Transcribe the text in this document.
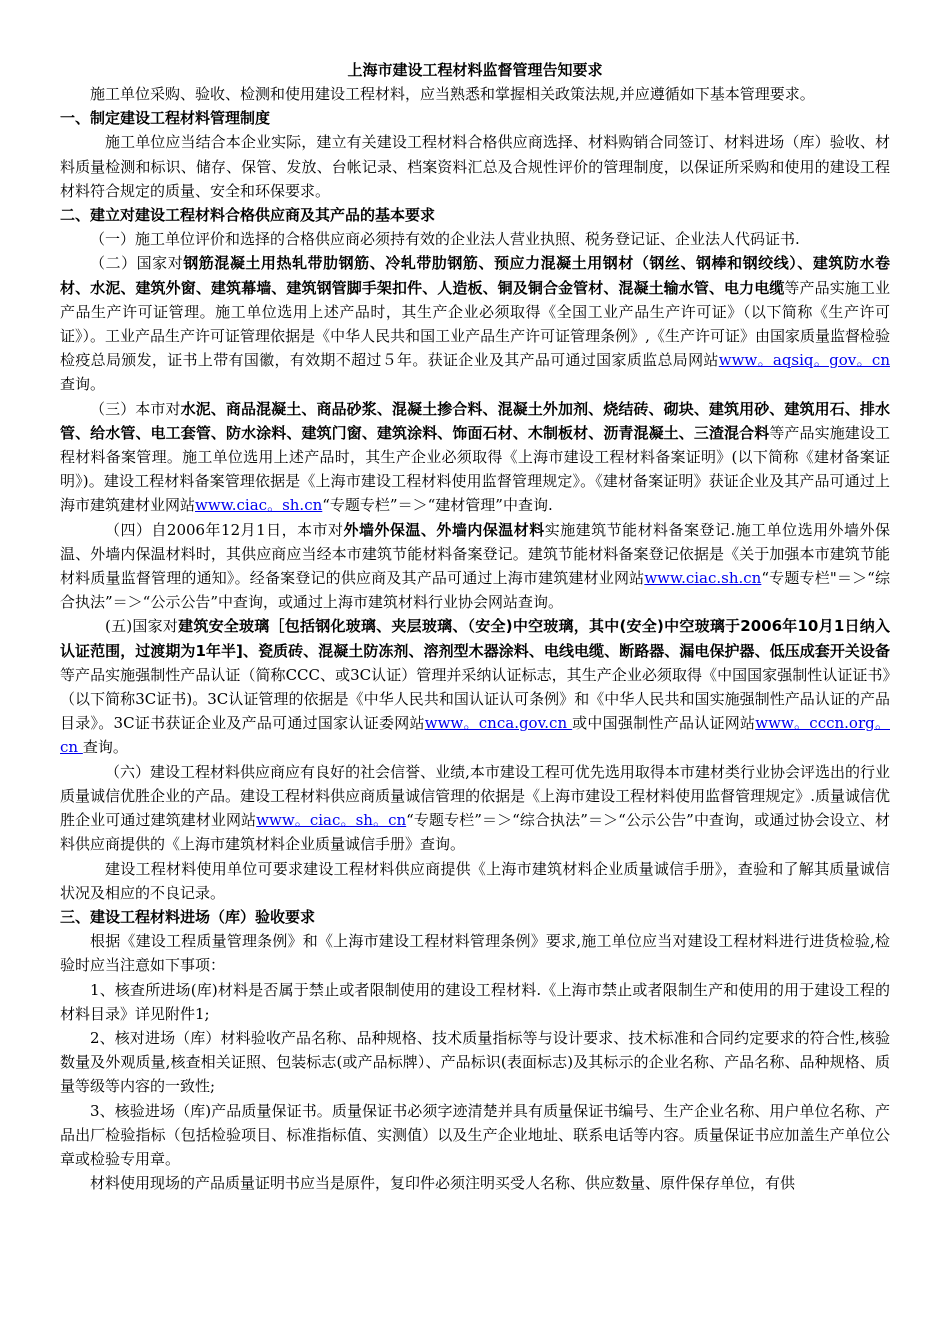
上海市建设工程材料监督管理告知要求

施工单位采购、验收、检测和使用建设工程材料，应当熟悉和掌握相关政策法规,并应遵循如下基本管理要求。

一、制定建设工程材料管理制度

施工单位应当结合本企业实际，建立有关建设工程材料合格供应商选择、材料购销合同签订、材料进场（库）验收、材料质量检测和标识、储存、保管、发放、台帐记录、档案资料汇总及合规性评价的管理制度，以保证所采购和使用的建设工程材料符合规定的质量、安全和环保要求。

二、建立对建设工程材料合格供应商及其产品的基本要求

（一）施工单位评价和选择的合格供应商必须持有效的企业法人营业执照、税务登记证、企业法人代码证书.

（二）国家对钢筋混凝土用热轧带肋钢筋、冷轧带肋钢筋、预应力混凝土用钢材（钢丝、钢棒和钢绞线）、建筑防水卷材、水泥、建筑外窗、建筑幕墙、建筑钢管脚手架扣件、人造板、铜及铜合金管材、混凝土输水管、电力电缆等产品实施工业产品生产许可证管理。施工单位选用上述产品时，其生产企业必须取得《全国工业产品生产许可证》（以下简称《生产许可证》）。工业产品生产许可证管理依据是《中华人民共和国工业产品生产许可证管理条例》,《生产许可证》由国家质量监督检验检疫总局颁发，证书上带有国徽，有效期不超过５年。获证企业及其产品可通过国家质监总局网站www。aqsiq。gov。cn 查询。

（三）本市对水泥、商品混凝土、商品砂浆、混凝土掺合料、混凝土外加剂、烧结砖、砌块、建筑用砂、建筑用石、排水管、给水管、电工套管、防水涂料、建筑门窗、建筑涂料、饰面石材、木制板材、沥青混凝土、三渣混合料等产品实施建设工程材料备案管理。施工单位选用上述产品时，其生产企业必须取得《上海市建设工程材料备案证明》(以下简称《建材备案证明》)。建设工程材料备案管理依据是《上海市建设工程材料使用监督管理规定》。《建材备案证明》获证企业及其产品可通过上海市建筑建材业网站www.ciac。sh.cn“专题专栏”＝＞“建材管理”中查询.

（四）自2006年12月1日，本市对外墙外保温、外墙内保温材料实施建筑节能材料备案登记.施工单位选用外墙外保温、外墙内保温材料时，其供应商应当经本市建筑节能材料备案登记。建筑节能材料备案登记依据是《关于加强本市建筑节能材料质量监督管理的通知》。经备案登记的供应商及其产品可通过上海市建筑建材业网站www.ciac.sh.cn“专题专栏"＝＞“综合执法”＝＞“公示公告”中查询，或通过上海市建筑材料行业协会网站查询。

(五)国家对建筑安全玻璃［包括钢化玻璃、夹层玻璃、（安全)中空玻璃，其中(安全)中空玻璃于2006年10月1日纳入认证范围，过渡期为1年半]、瓷质砖、混凝土防冻剂、溶剂型木器涂料、电线电缆、断路器、漏电保护器、低压成套开关设备等产品实施强制性产品认证（简称CCC、或3C认证）管理并采纳认证标志，其生产企业必须取得《中国国家强制性认证证书》（以下简称3C证书)。3C认证管理的依据是《中华人民共和国认证认可条例》和《中华人民共和国实施强制性产品认证的产品目录》。3C证书获证企业及产品可通过国家认证委网站www。cnca.gov.cn 或中国强制性产品认证网站www。cccn.org。cn 查询。

（六）建设工程材料供应商应有良好的社会信誉、业绩,本市建设工程可优先选用取得本市建材类行业协会评选出的行业质量诚信优胜企业的产品。建设工程材料供应商质量诚信管理的依据是《上海市建设工程材料使用监督管理规定》.质量诚信优胜企业可通过建筑建材业网站www。ciac。sh。cn“专题专栏”＝＞“综合执法”＝＞“公示公告”中查询，或通过协会设立、材料供应商提供的《上海市建筑材料企业质量诚信手册》查询。

建设工程材料使用单位可要求建设工程材料供应商提供《上海市建筑材料企业质量诚信手册》，查验和了解其质量诚信状况及相应的不良记录。

三、建设工程材料进场（库）验收要求

根据《建设工程质量管理条例》和《上海市建设工程材料管理条例》要求,施工单位应当对建设工程材料进行进货检验,检验时应当注意如下事项：

1、核查所进场(库)材料是否属于禁止或者限制使用的建设工程材料.《上海市禁止或者限制生产和使用的用于建设工程的材料目录》详见附件1;

2、核对进场（库）材料验收产品名称、品种规格、技术质量指标等与设计要求、技术标准和合同约定要求的符合性,核验数量及外观质量,核查相关证照、包装标志(或产品标牌）、产品标识(表面标志)及其标示的企业名称、产品名称、品种规格、质量等级等内容的一致性;

3、核验进场（库)产品质量保证书。质量保证书必须字迹清楚并具有质量保证书编号、生产企业名称、用户单位名称、产品出厂检验指标（包括检验项目、标准指标值、实测值）以及生产企业地址、联系电话等内容。质量保证书应加盖生产单位公章或检验专用章。

材料使用现场的产品质量证明书应当是原件，复印件必须注明买受人名称、供应数量、原件保存单位，有供
